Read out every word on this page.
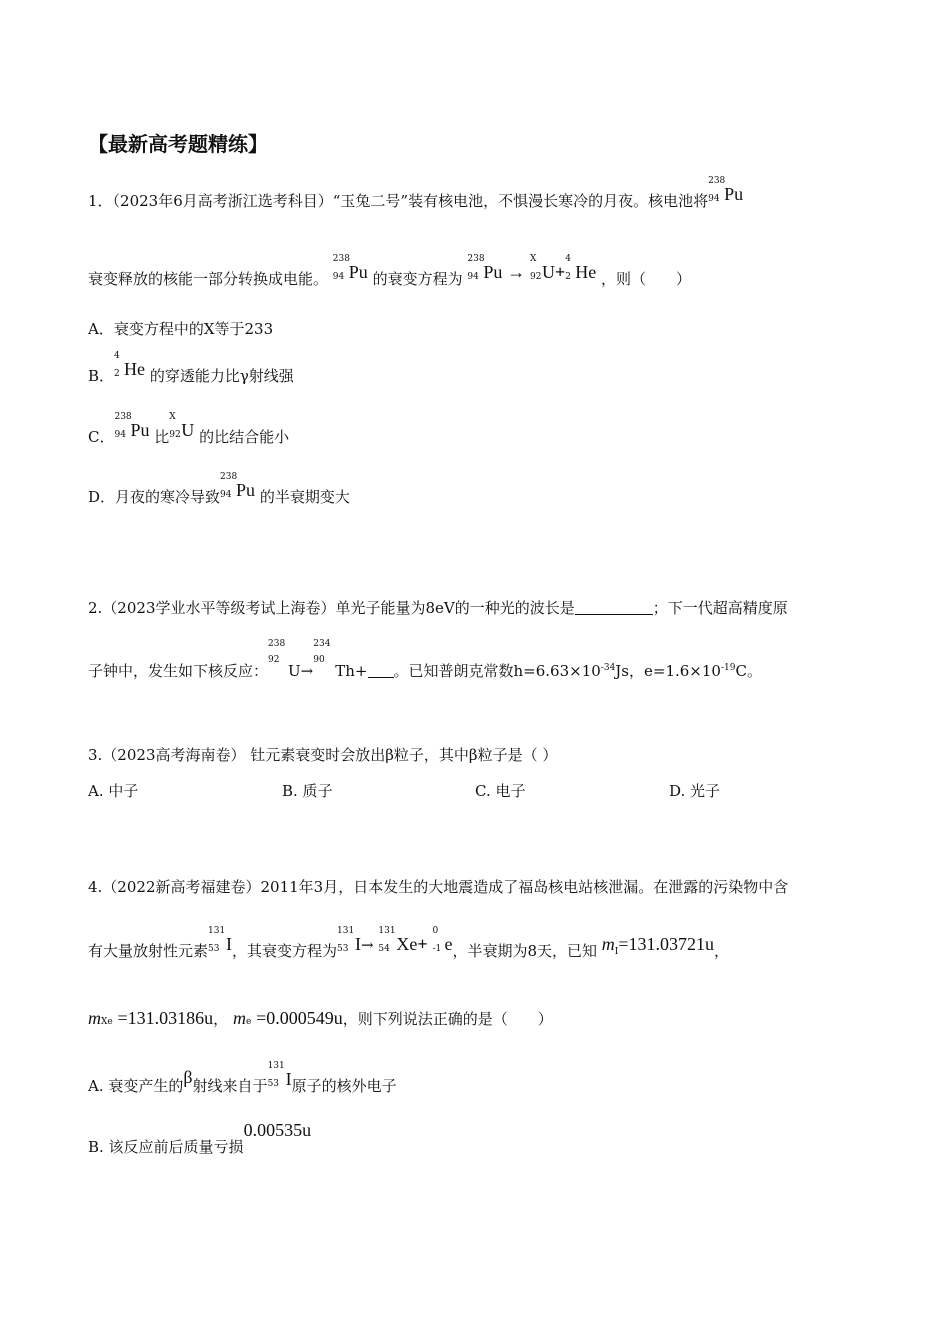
【最新高考题精练】
1．（2023年6月高考浙江选考科目）“玉兔二号”装有核电池，不惧漫长寒冷的月夜。核电池将
238
94 Pu
衰变释放的核能一部分转换成电能。
238
94 Pu 的衰变方程为
238
94 Pu →
X
92 U+
4
2 He ，则（　　）
A．衰变方程中的X等于233
B．
4
2 He 的穿透能力比γ射线强
C．
238
94 Pu 比
X
92 U 的比结合能小
D．月夜的寒冷导致
238
94 Pu 的半衰期变大
2.（2023学业水平等级考试上海卷）单光子能量为8eV的一种光的波长是	；下一代超高精度原
子钟中，发生如下核反应：
238
92
U→
234
90
Th+ 。已知普朗克常数$h=6.63\times 10^{-34}Js$，$e=1.6\times 10^{-19}C$。
3.（2023高考海南卷） 钍元素衰变时会放出β粒子，其中β粒子是（ ）
A. 中子	B. 质子	C. 电子	D. 光子
4.（2022新高考福建卷）2011年3月，日本发生的大地震造成了福岛核电站核泄漏。在泄露的污染物中含
有大量放射性元素
131
53 I，其衰变方程为
131
53 I→
131
54 Xe+
0
-1 e，半衰期为8天，已知 mI=131.03721u，
mXe =131.03186u， me =0.000549u，则下列说法正确的是（　　）
A. 衰变产生的β射线来自于
131
53 I原子的核外电子
B. 该反应前后质量亏损0.00535u
